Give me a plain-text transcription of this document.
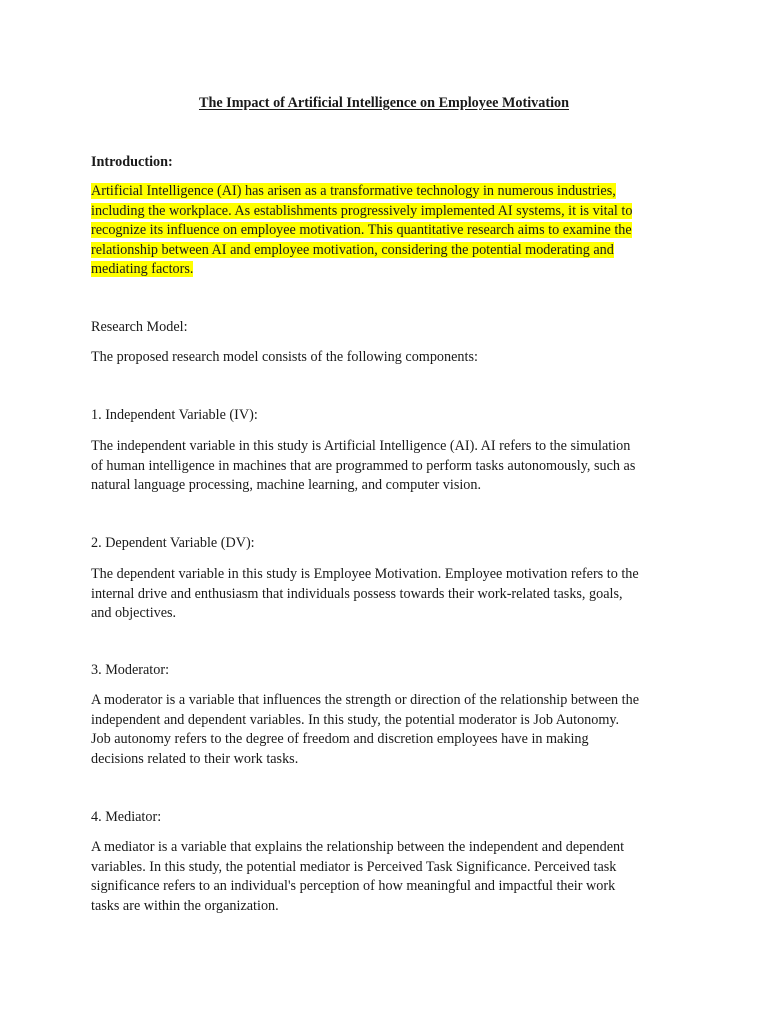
The Impact of Artificial Intelligence on Employee Motivation
Introduction:
Artificial Intelligence (AI) has arisen as a transformative technology in numerous industries,
including the workplace. As establishments progressively implemented AI systems, it is vital to
recognize its influence on employee motivation. This quantitative research aims to examine the
relationship between AI and employee motivation, considering the potential moderating and
mediating factors.
Research Model:
The proposed research model consists of the following components:
1. Independent Variable (IV):
The independent variable in this study is Artificial Intelligence (AI). AI refers to the simulation
of human intelligence in machines that are programmed to perform tasks autonomously, such as
natural language processing, machine learning, and computer vision.
2. Dependent Variable (DV):
The dependent variable in this study is Employee Motivation. Employee motivation refers to the
internal drive and enthusiasm that individuals possess towards their work-related tasks, goals,
and objectives.
3. Moderator:
A moderator is a variable that influences the strength or direction of the relationship between the
independent and dependent variables. In this study, the potential moderator is Job Autonomy.
Job autonomy refers to the degree of freedom and discretion employees have in making
decisions related to their work tasks.
4. Mediator:
A mediator is a variable that explains the relationship between the independent and dependent
variables. In this study, the potential mediator is Perceived Task Significance. Perceived task
significance refers to an individual's perception of how meaningful and impactful their work
tasks are within the organization.
